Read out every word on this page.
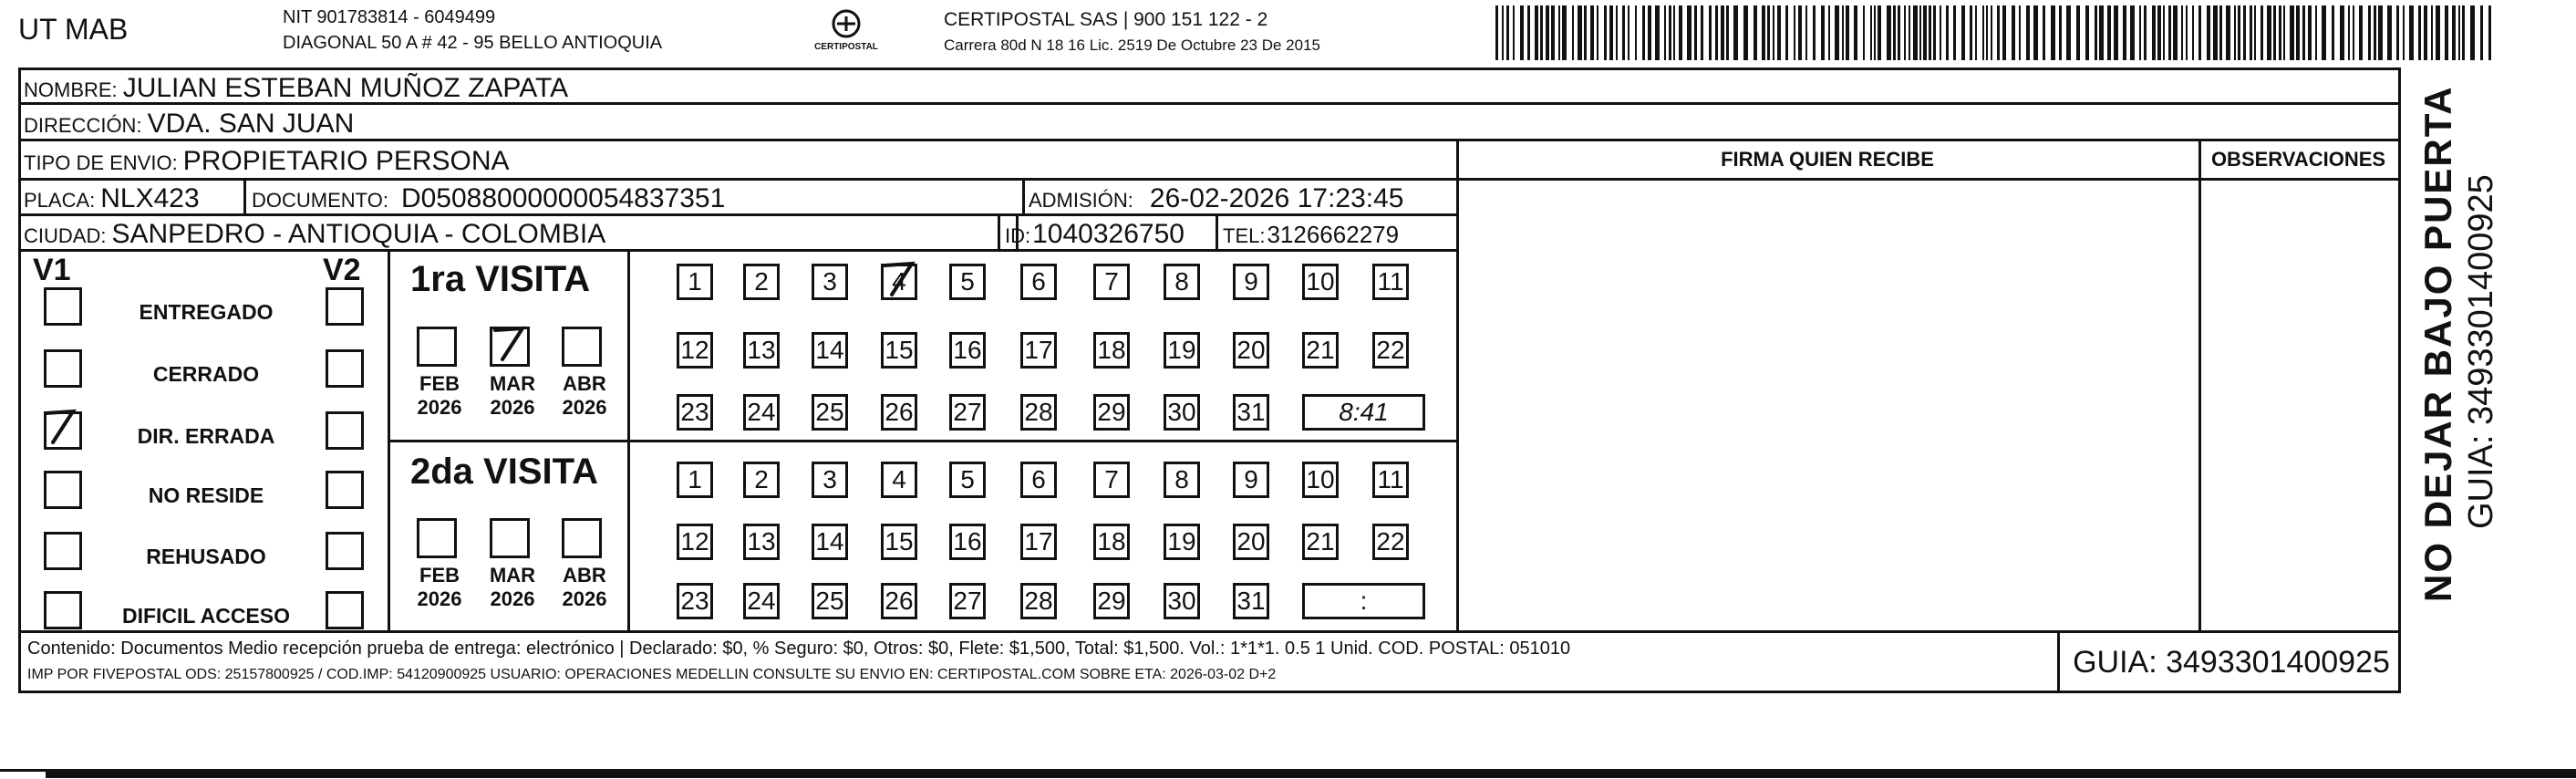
UT MAB	NIT 901783814 - 6049499
DIAGONAL 50 A # 42 - 95 BELLO ANTIOQUIA	CERTIPOSTAL
CERTIPOSTAL SAS | 900 151 122 - 2
Carrera 80d N 18 16 Lic. 2519 De Octubre 23 De 2015
NOMBRE: JULIAN ESTEBAN MUÑOZ ZAPATA
DIRECCIÓN: VDA. SAN JUAN
TIPO DE ENVIO: PROPIETARIO PERSONA	FIRMA QUIEN RECIBE	OBSERVACIONES
PLACA: NLX423	DOCUMENTO: D05088000000054837351	ADMISIÓN: 26-02-2026 17:23:45
CIUDAD: SANPEDRO - ANTIOQUIA - COLOMBIA	ID: 1040326750 TEL: 3126662279
V1	V2 1ra VISITA
2da VISITA
Contenido: Documentos Medio recepción prueba de entrega: electrónico | Declarado: $0, % Seguro: $0, Otros: $0, Flete: $1,500, Total: $1,500. Vol.: 1*1*1. 0.5 1 Unid. COD. POSTAL: 051010
IMP POR FIVEPOSTAL ODS: 25157800925 / COD.IMP: 54120900925 USUARIO: OPERACIONES MEDELLIN CONSULTE SU ENVIO EN: CERTIPOSTAL.COM SOBRE ETA: 2026-03-02 D+2	GUIA: 3493301400925
NO DEJAR BAJO PUERTA GUIA: 3493301400925
ENTREGADO
CERRADO
DIR. ERRADA
NO RESIDE
REHUSADO
DIFICIL ACCESO
FEB
2026
MAR
2026
ABR
2026
FEB
2026
MAR
2026
ABR
2026
1	2	3	4	5	6	7	8	9	10 11
12 13 14 15 16 17 18 19 20 21 22
23 24 25 26 27 28 29 30 31	8:41
1	2	3	4	5	6	7	8	9	10 11
12 13 14 15 16 17 18 19 20 21 22
23 24 25 26 27 28 29 30 31	:
